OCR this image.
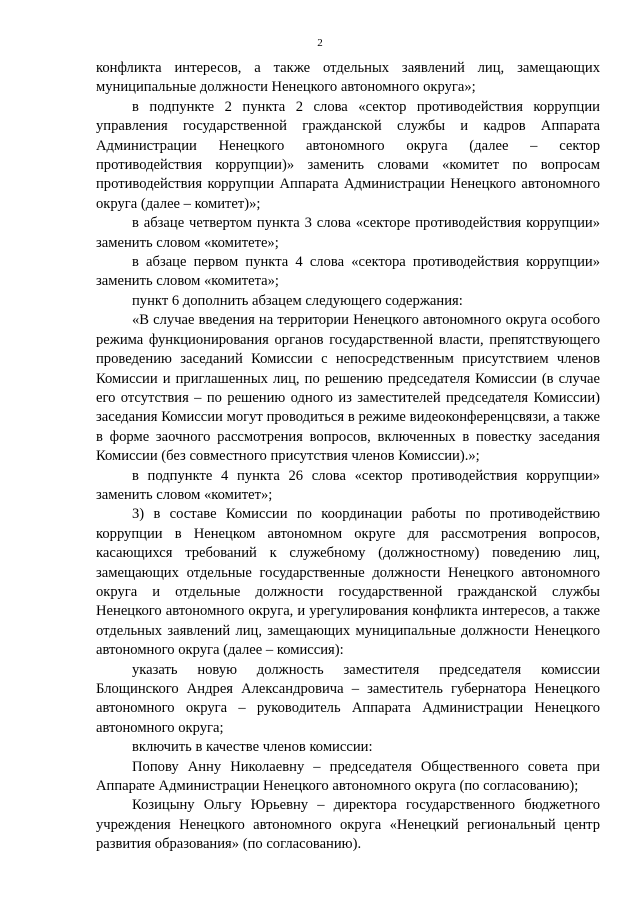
2

конфликта интересов, а также отдельных заявлений лиц, замещающих муниципальные должности Ненецкого автономного округа»;

в подпункте 2 пункта 2 слова «сектор противодействия коррупции управления государственной гражданской службы и кадров Аппарата Администрации Ненецкого автономного округа (далее – сектор противодействия коррупции)» заменить словами «комитет по вопросам противодействия коррупции Аппарата Администрации Ненецкого автономного округа (далее – комитет)»;

в абзаце четвертом пункта 3 слова «секторе противодействия коррупции» заменить словом «комитете»;

в абзаце первом пункта 4 слова «сектора противодействия коррупции» заменить словом «комитета»;

пункт 6 дополнить абзацем следующего содержания:

«В случае введения на территории Ненецкого автономного округа особого режима функционирования органов государственной власти, препятствующего проведению заседаний Комиссии с непосредственным присутствием членов Комиссии и приглашенных лиц, по решению председателя Комиссии (в случае его отсутствия – по решению одного из заместителей председателя Комиссии) заседания Комиссии могут проводиться в режиме видеоконференцсвязи, а также в форме заочного рассмотрения вопросов, включенных в повестку заседания Комиссии (без совместного присутствия членов Комиссии).»;

в подпункте 4 пункта 26 слова «сектор противодействия коррупции» заменить словом «комитет»;

3) в составе Комиссии по координации работы по противодействию коррупции в Ненецком автономном округе для рассмотрения вопросов, касающихся требований к служебному (должностному) поведению лиц, замещающих отдельные государственные должности Ненецкого автономного округа и отдельные должности государственной гражданской службы Ненецкого автономного округа, и урегулирования конфликта интересов, а также отдельных заявлений лиц, замещающих муниципальные должности Ненецкого автономного округа (далее – комиссия):

указать новую должность заместителя председателя комиссии Блощинского Андрея Александровича – заместитель губернатора Ненецкого автономного округа – руководитель Аппарата Администрации Ненецкого автономного округа;

включить в качестве членов комиссии:

Попову Анну Николаевну – председателя Общественного совета при Аппарате Администрации Ненецкого автономного округа (по согласованию);

Козицыну Ольгу Юрьевну – директора государственного бюджетного учреждения Ненецкого автономного округа «Ненецкий региональный центр развития образования» (по согласованию).
